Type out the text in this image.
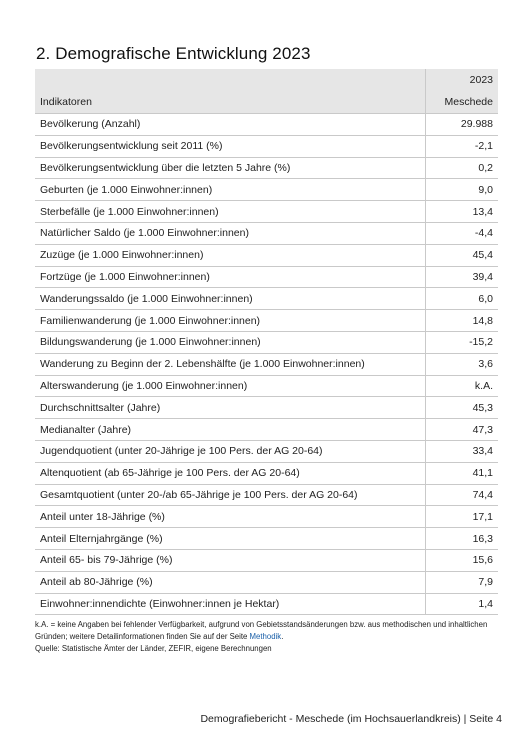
2. Demografische Entwicklung 2023
	2023
Indikatoren	Meschede
Bevölkerung (Anzahl)	29.988
Bevölkerungsentwicklung seit 2011 (%)	-2,1
Bevölkerungsentwicklung über die letzten 5 Jahre (%)	0,2
Geburten (je 1.000 Einwohner:innen)	9,0
Sterbefälle (je 1.000 Einwohner:innen)	13,4
Natürlicher Saldo (je 1.000 Einwohner:innen)	-4,4
Zuzüge (je 1.000 Einwohner:innen)	45,4
Fortzüge (je 1.000 Einwohner:innen)	39,4
Wanderungssaldo (je 1.000 Einwohner:innen)	6,0
Familienwanderung (je 1.000 Einwohner:innen)	14,8
Bildungswanderung (je 1.000 Einwohner:innen)	-15,2
Wanderung zu Beginn der 2. Lebenshälfte (je 1.000 Einwohner:innen)	3,6
Alterswanderung (je 1.000 Einwohner:innen)	k.A.
Durchschnittsalter (Jahre)	45,3
Medianalter (Jahre)	47,3
Jugendquotient (unter 20-Jährige je 100 Pers. der AG 20-64)	33,4
Altenquotient (ab 65-Jährige je 100 Pers. der AG 20-64)	41,1
Gesamtquotient (unter 20-/ab 65-Jährige je 100 Pers. der AG 20-64)	74,4
Anteil unter 18-Jährige (%)	17,1
Anteil Elternjahrgänge (%)	16,3
Anteil 65- bis 79-Jährige (%)	15,6
Anteil ab 80-Jährige (%)	7,9
Einwohner:innendichte (Einwohner:innen je Hektar)	1,4
k.A. = keine Angaben bei fehlender Verfügbarkeit, aufgrund von Gebietsstandsänderungen bzw. aus methodischen und inhaltlichen Gründen; weitere Detailinformationen finden Sie auf der Seite Methodik.
Quelle: Statistische Ämter der Länder, ZEFIR, eigene Berechnungen
Demografiebericht - Meschede (im Hochsauerlandkreis) | Seite 4
